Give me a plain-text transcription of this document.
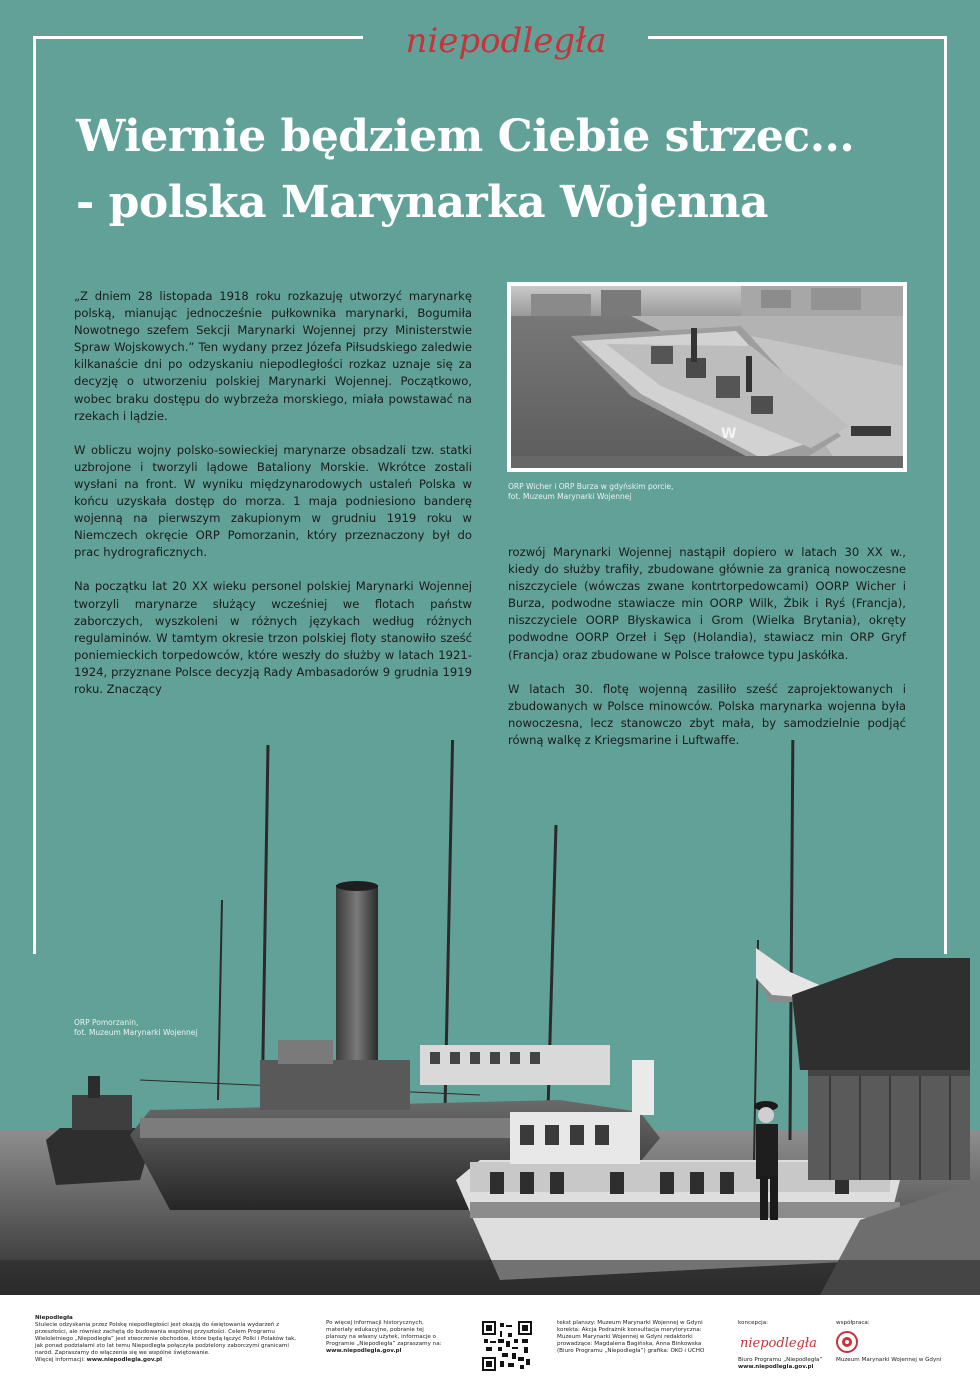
niepodległa
Wiernie będziem Ciebie strzec...
- polska Marynarka Wojenna

„Z dniem 28 listopada 1918 roku rozkazuję utworzyć marynarkę polską, mianując jednocześnie pułkownika marynarki, Bogumiła Nowotnego szefem Sekcji Marynarki Wojennej przy Ministerstwie Spraw Wojskowych.” Ten wydany przez Józefa Piłsudskiego zaledwie kilkanaście dni po odzyskaniu niepodległości rozkaz uznaje się za decyzję o utworzeniu polskiej Marynarki Wojennej. Początkowo, wobec braku dostępu do wybrzeża morskiego, miała powstawać na rzekach i lądzie.

W obliczu wojny polsko-sowieckiej marynarze obsadzali tzw. statki uzbrojone i tworzyli lądowe Bataliony Morskie. Wkrótce zostali wysłani na front. W wyniku międzynarodowych ustaleń Polska w końcu uzyskała dostęp do morza. 1 maja podniesiono banderę wojenną na pierwszym zakupionym w grudniu 1919 roku w Niemczech okręcie ORP Pomorzanin, który przeznaczony był do prac hydrograficznych.

Na początku lat 20 XX wieku personel polskiej Marynarki Wojennej tworzyli marynarze służący wcześniej we flotach państw zaborczych, wyszkoleni w różnych językach według różnych regulaminów. W tamtym okresie trzon polskiej floty stanowiło sześć poniemieckich torpedowców, które weszły do służby w latach 1921-1924, przyznane Polsce decyzją Rady Ambasadorów 9 grudnia 1919 roku. Znaczący

W
ORP Wicher i ORP Burza w gdyńskim porcie,
fot. Muzeum Marynarki Wojennej

rozwój Marynarki Wojennej nastąpił dopiero w latach 30 XX w., kiedy do służby trafiły, zbudowane głównie za granicą nowoczesne niszczyciele (wówczas zwane kontrtorpedowcami) OORP Wicher i Burza, podwodne stawiacze min OORP Wilk, Żbik i Ryś (Francja), niszczyciele OORP Błyskawica i Grom (Wielka Brytania), okręty podwodne OORP Orzeł i Sęp (Holandia), stawiacz min ORP Gryf (Francja) oraz zbudowane w Polsce trałowce typu Jaskółka.

W latach 30. flotę wojenną zasiliło sześć zaprojektowanych i zbudowanych w Polsce minowców. Polska marynarka wojenna była nowoczesna, lecz stanowczo zbyt mała, by samodzielnie podjąć równą walkę z Kriegsmarine i Luftwaffe.

ORP Pomorzanin,
fot. Muzeum Marynarki Wojennej
Niepodległa
Stulecie odzyskania przez Polskę niepodległości jest okazją do świętowania wydarzeń z przeszłości, ale również zachętą do budowania wspólnej przyszłości. Celem Programu Wieloletniego „Niepodległa” jest stworzenie obchodów, które będą łączyć Polki i Polaków tak, jak ponad podziałami sto lat temu Niepodległa połączyła podzielony zaborczymi granicami naród. Zapraszamy do włączenia się we wspólne świętowanie.
Więcej informacji: www.niepodlegla.gov.pl
Po więcej informacji historycznych, materiały edukacyjne, pobranie tej planszy na własny użytek, informacje o Programie „Niepodległa” zapraszamy na:
www.niepodlegla.gov.pl
tekst planszy: Muzeum Marynarki Wojennej w Gdyni korekta: Akcja Podrażnik konsultacja merytoryczna: Muzeum Marynarki Wojennej w Gdyni redaktorki prowadzące: Magdalena Bagińska, Anna Binkowska (Biuro Programu „Niepodległa”) grafika: OKO i UCHO
koncepcja:
niepodległa
Biuro Programu „Niepodległa”
www.niepodlegla.gov.pl
współpraca:
Muzeum Marynarki Wojennej w Gdyni
